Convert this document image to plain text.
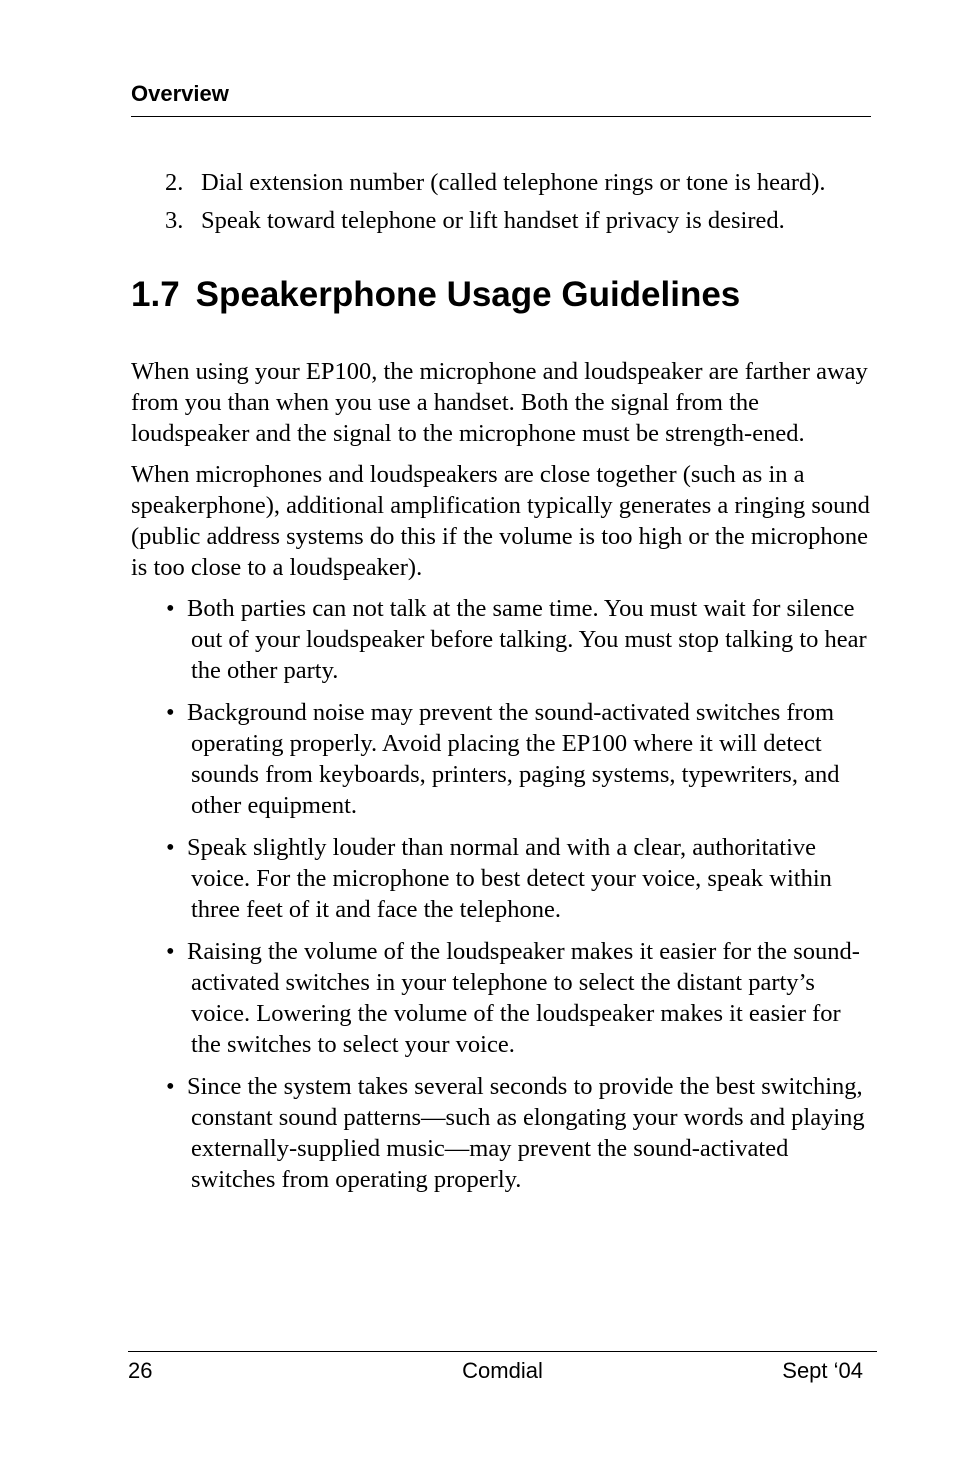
Overview
2. Dial extension number (called telephone rings or tone is heard).
3. Speak toward telephone or lift handset if privacy is desired.
1.7 Speakerphone Usage Guidelines

When using your EP100, the microphone and loudspeaker are farther away from you than when you use a handset. Both the signal from the loudspeaker and the signal to the microphone must be strength-ened.

When microphones and loudspeakers are close together (such as in a speakerphone), additional amplification typically generates a ringing sound (public address systems do this if the volume is too high or the microphone is too close to a loudspeaker).

• Both parties can not talk at the same time. You must wait for silence out of your loudspeaker before talking. You must stop talking to hear the other party.
• Background noise may prevent the sound-activated switches from operating properly. Avoid placing the EP100 where it will detect sounds from keyboards, printers, paging systems, typewriters, and other equipment.
• Speak slightly louder than normal and with a clear, authoritative voice. For the microphone to best detect your voice, speak within three feet of it and face the telephone.
• Raising the volume of the loudspeaker makes it easier for the sound-activated switches in your telephone to select the distant party’s voice. Lowering the volume of the loudspeaker makes it easier for the switches to select your voice.
• Since the system takes several seconds to provide the best switching, constant sound patterns—such as elongating your words and playing externally-supplied music—may prevent the sound-activated switches from operating properly.
26	Comdial	Sept ‘04
